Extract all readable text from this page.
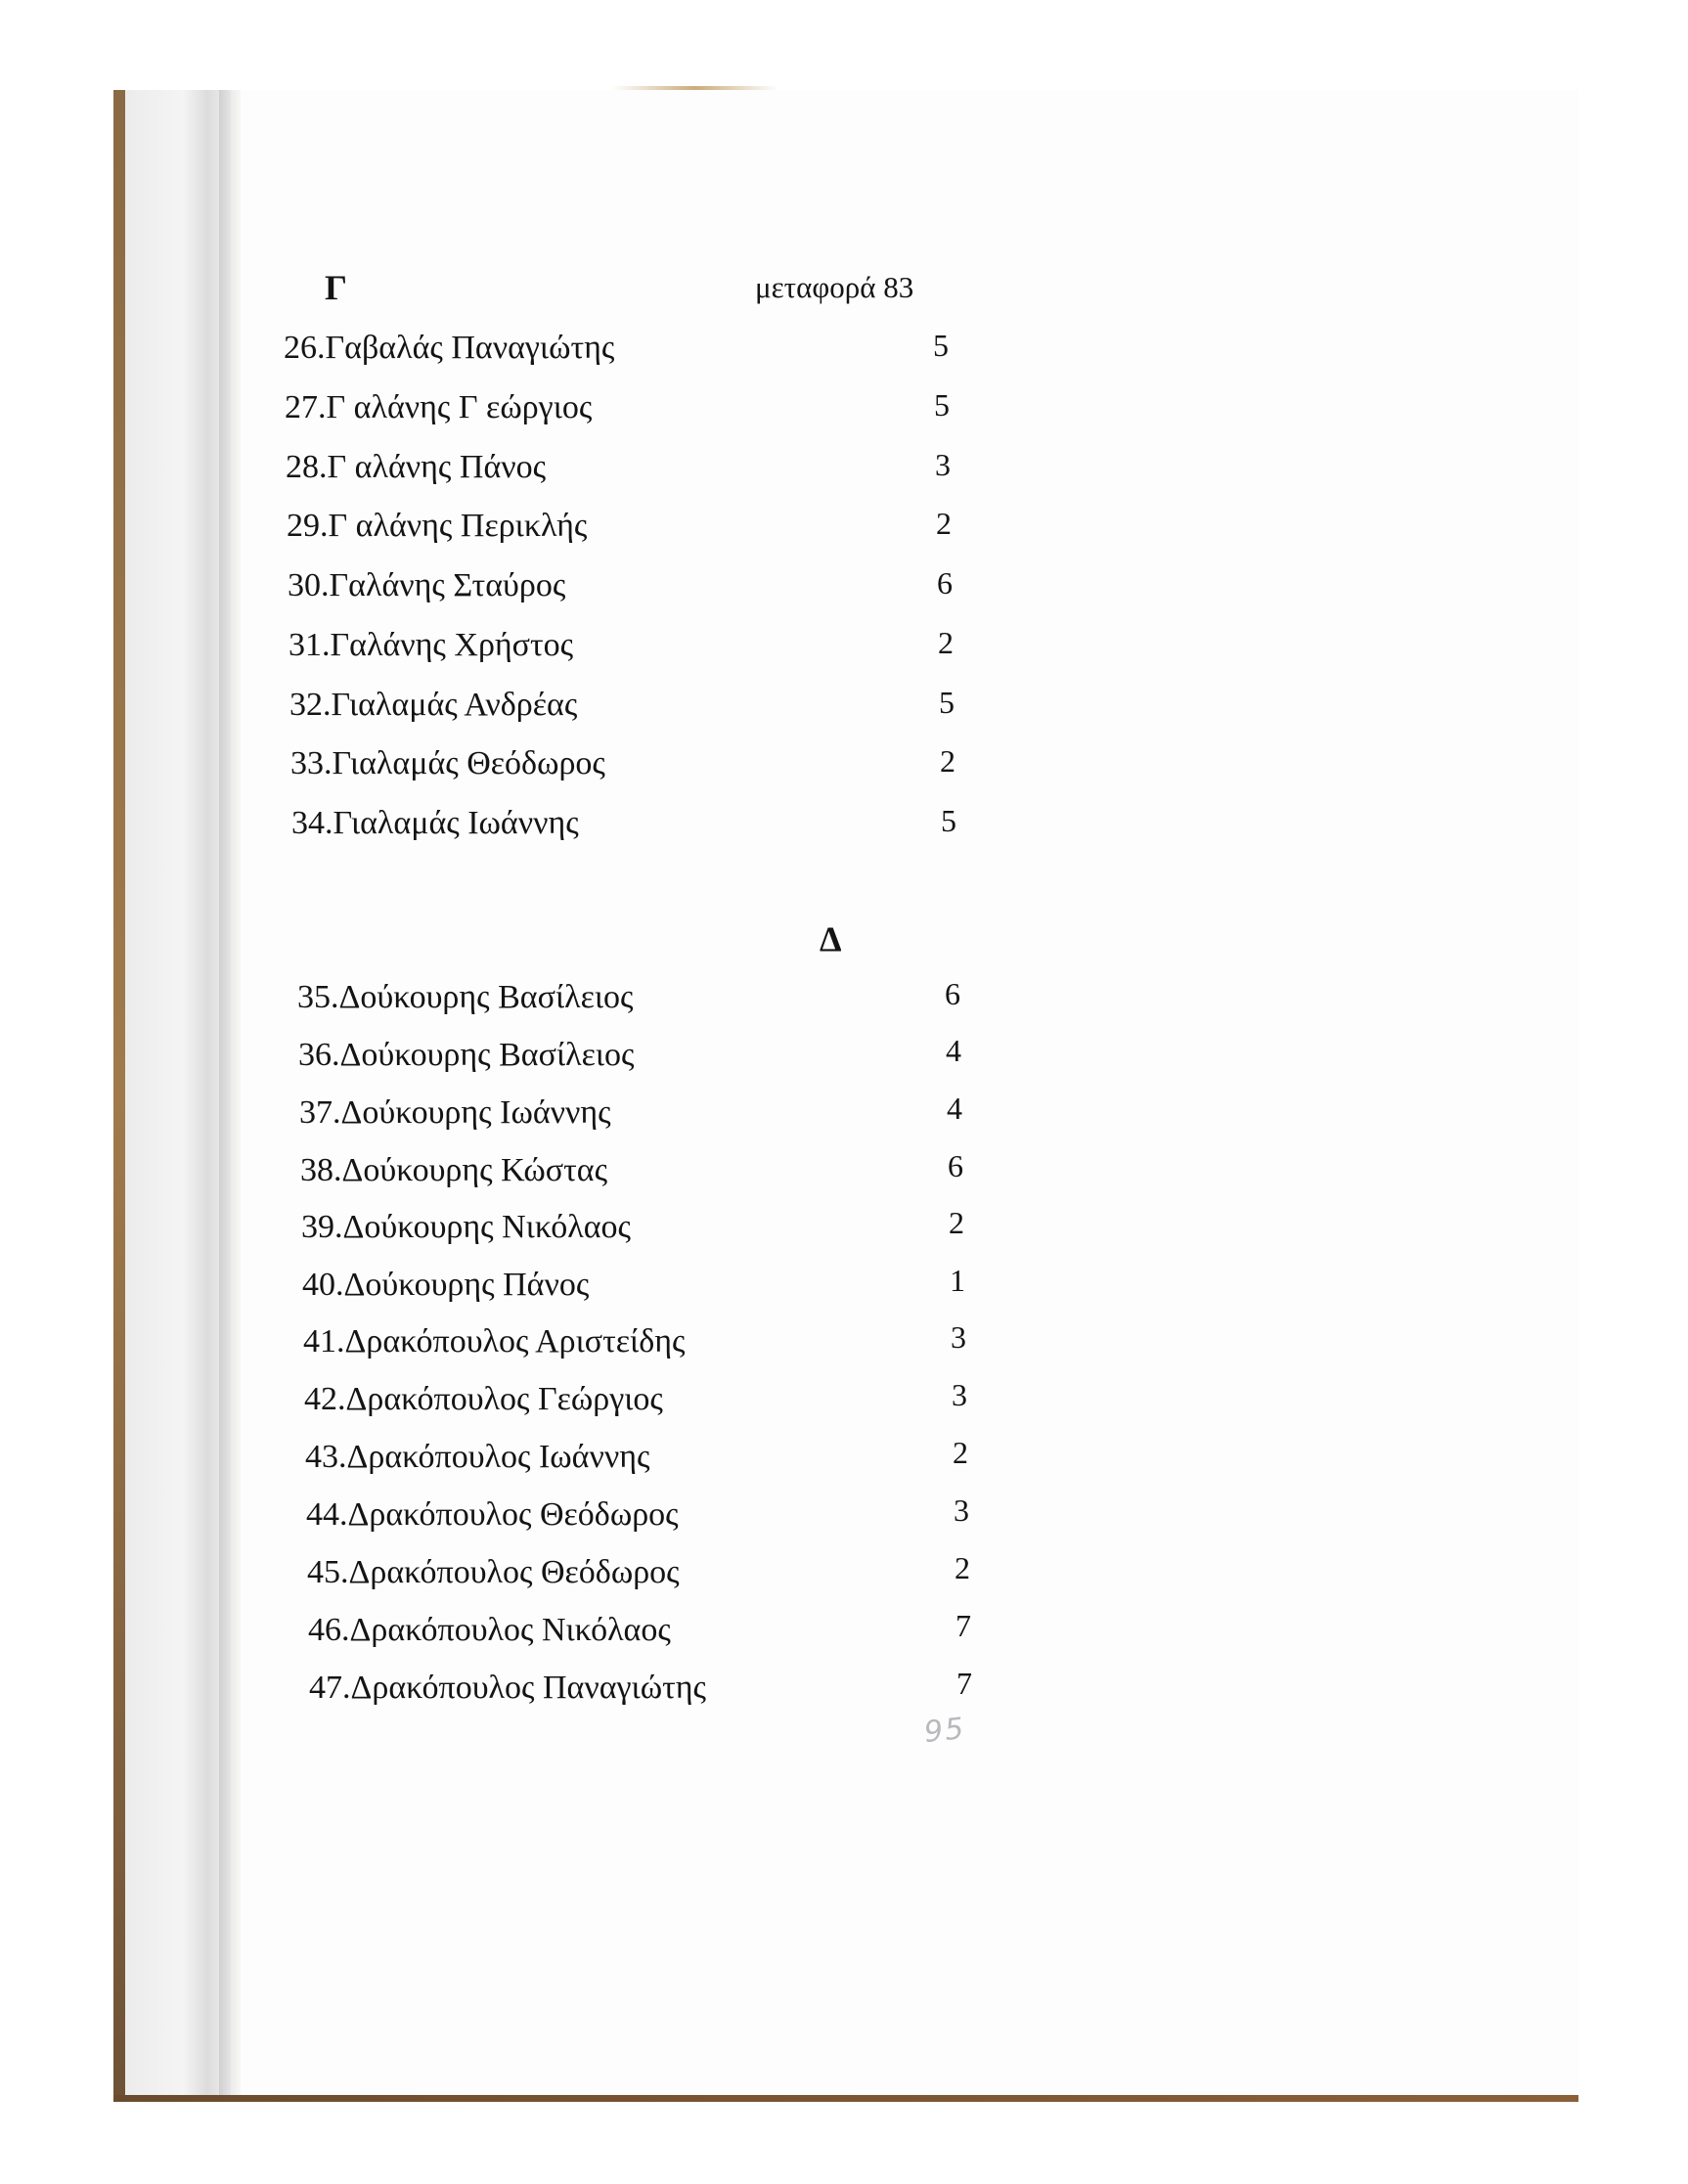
Γ	μεταφορά 83
26.Γαβαλάς Παναγιώτης	5
27.Γ αλάνης Γ εώργιος	5
28.Γ αλάνης Πάνος	3
29.Γ αλάνης Περικλής	2
30.Γαλάνης Σταύρος	6
31.Γαλάνης Χρήστος	2
32.Γιαλαμάς Ανδρέας	5
33.Γιαλαμάς Θεόδωρος	2
34.Γιαλαμάς Ιωάννης	5
Δ
35.Δούκουρης Βασίλειος	6
36.Δούκουρης Βασίλειος	4
37.Δούκουρης Ιωάννης	4
38.Δούκουρης Κώστας	6
39.Δούκουρης Νικόλαος	2
40.Δούκουρης Πάνος	1
41.Δρακόπουλος Αριστείδης	3
42.Δρακόπουλος Γεώργιος	3
43.Δρακόπουλος Ιωάννης	2
44.Δρακόπουλος Θεόδωρος	3
45.Δρακόπουλος Θεόδωρος	2
46.Δρακόπουλος Νικόλαος	7
47.Δρακόπουλος Παναγιώτης	7
95
